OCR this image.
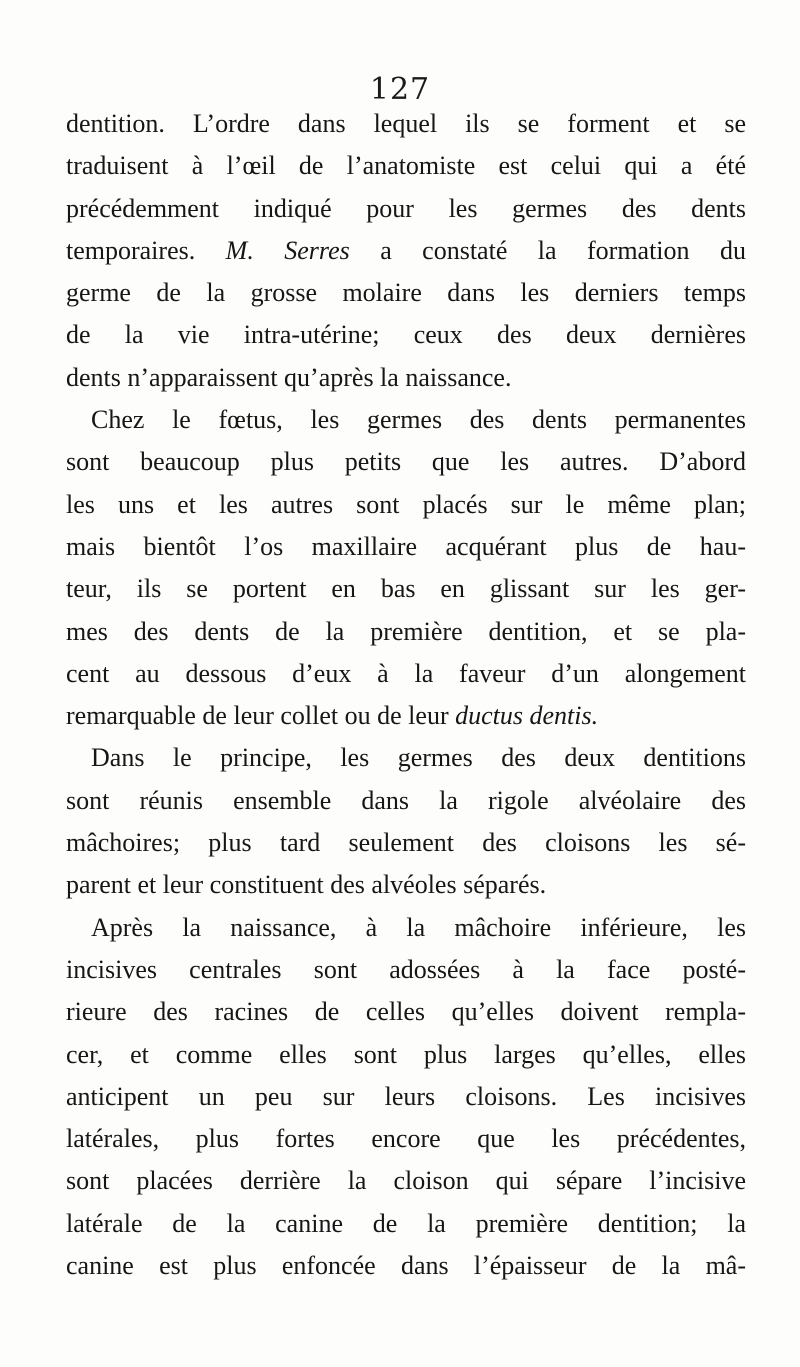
127
dentition. L’ordre dans lequel ils se forment et se
traduisent à l’œil de l’anatomiste est celui qui a été
précédemment indiqué pour les germes des dents
temporaires. M. Serres a constaté la formation du
germe de la grosse molaire dans les derniers temps
de la vie intra-utérine; ceux des deux dernières
dents n’apparaissent qu’après la naissance.
Chez le fœtus, les germes des dents permanentes
sont beaucoup plus petits que les autres. D’abord
les uns et les autres sont placés sur le même plan;
mais bientôt l’os maxillaire acquérant plus de hau-
teur, ils se portent en bas en glissant sur les ger-
mes des dents de la première dentition, et se pla-
cent au dessous d’eux à la faveur d’un alongement
remarquable de leur collet ou de leur ductus dentis.
Dans le principe, les germes des deux dentitions
sont réunis ensemble dans la rigole alvéolaire des
mâchoires; plus tard seulement des cloisons les sé-
parent et leur constituent des alvéoles séparés.
Après la naissance, à la mâchoire inférieure, les
incisives centrales sont adossées à la face posté-
rieure des racines de celles qu’elles doivent rempla-
cer, et comme elles sont plus larges qu’elles, elles
anticipent un peu sur leurs cloisons. Les incisives
latérales, plus fortes encore que les précédentes,
sont placées derrière la cloison qui sépare l’incisive
latérale de la canine de la première dentition; la
canine est plus enfoncée dans l’épaisseur de la mâ-
